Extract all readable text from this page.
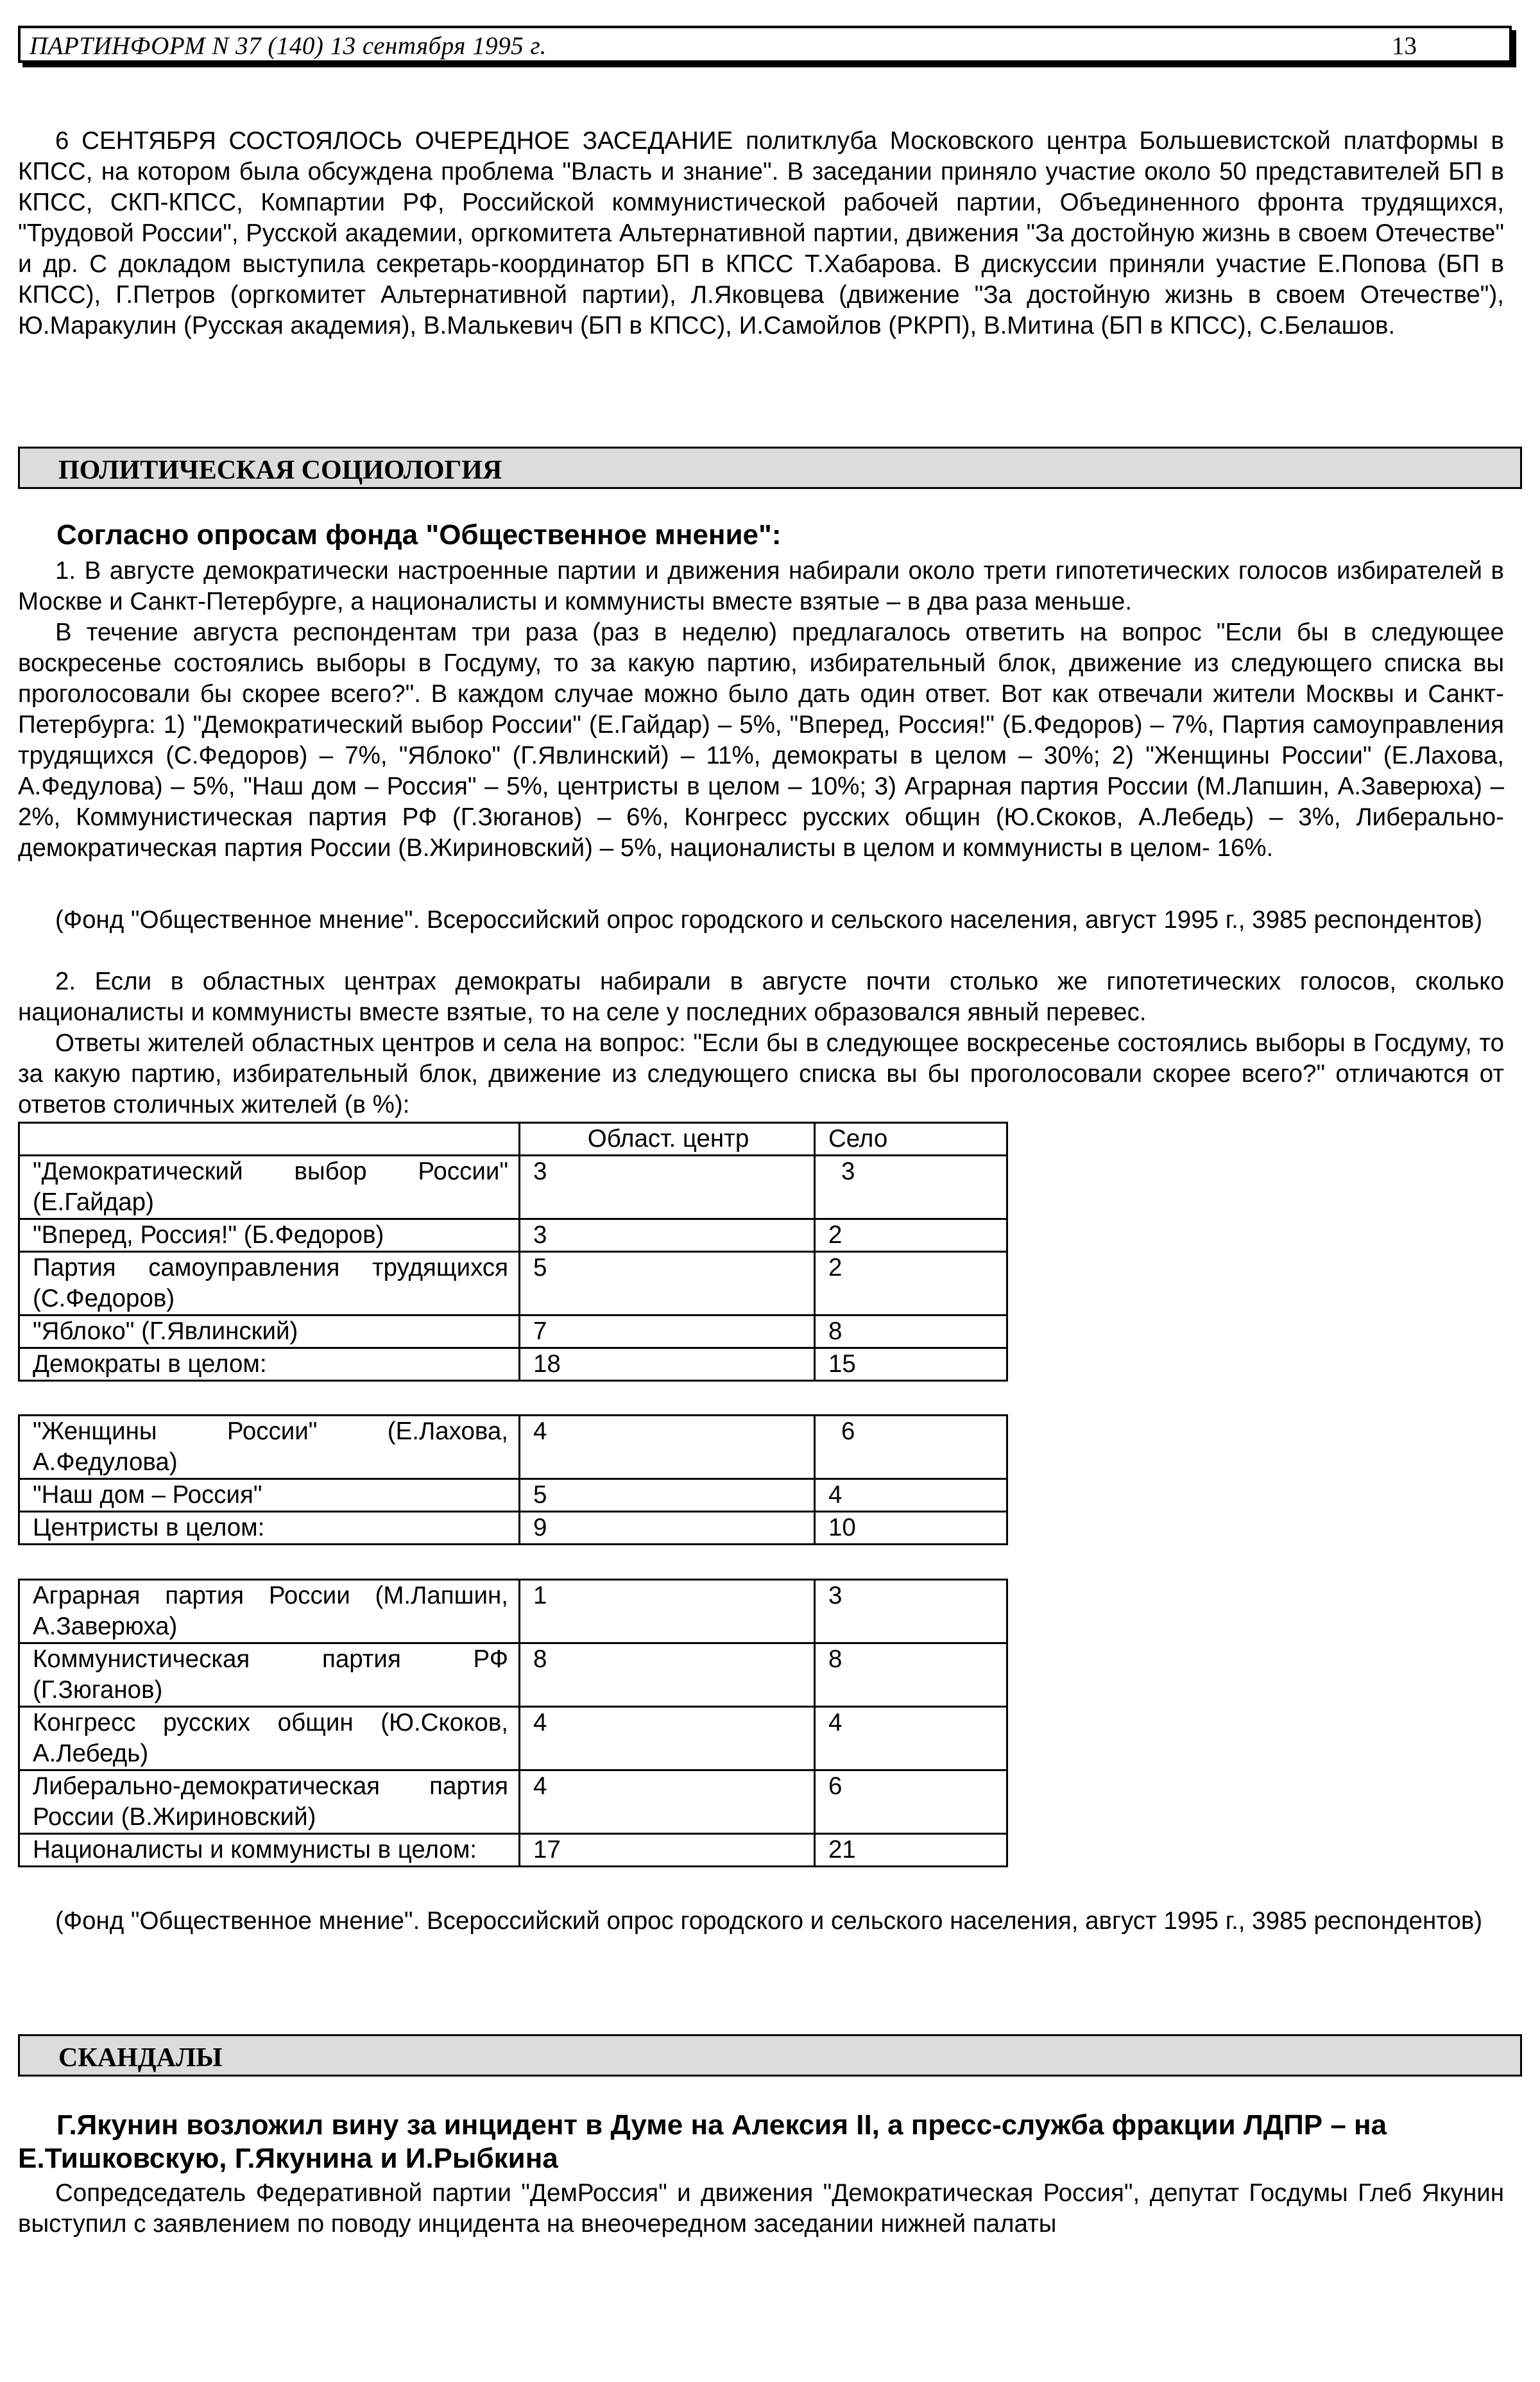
ПАРТИНФОРМ N 37 (140) 13 сентября 1995 г.	13

6 СЕНТЯБРЯ СОСТОЯЛОСЬ ОЧЕРЕДНОЕ ЗАСЕДАНИЕ политклуба Московского центра Большевистской платформы в КПСС, на котором была обсуждена проблема "Власть и знание". В заседании приняло участие около 50 представителей БП в КПСС, СКП-КПСС, Компартии РФ, Российской коммунистической рабочей партии, Объединенного фронта трудящихся, "Трудовой России", Русской академии, оргкомитета Альтернативной партии, движения "За достойную жизнь в своем Отечестве" и др. С докладом выступила секретарь-координатор БП в КПСС Т.Хабарова. В дискуссии приняли участие Е.Попова (БП в КПСС), Г.Петров (оргкомитет Альтернативной партии), Л.Яковцева (движение "За достойную жизнь в своем Отечестве"), Ю.Маракулин (Русская академия), В.Малькевич (БП в КПСС), И.Самойлов (РКРП), В.Митина (БП в КПСС), С.Белашов.

ПОЛИТИЧЕСКАЯ СОЦИОЛОГИЯ

Согласно опросам фонда "Общественное мнение":

1. В августе демократически настроенные партии и движения набирали около трети гипотетических голосов избирателей в Москве и Санкт-Петербурге, а националисты и коммунисты вместе взятые – в два раза меньше.

В течение августа респондентам три раза (раз в неделю) предлагалось ответить на вопрос "Если бы в следующее воскресенье состоялись выборы в Госдуму, то за какую партию, избирательный блок, движение из следующего списка вы проголосовали бы скорее всего?". В каждом случае можно было дать один ответ. Вот как отвечали жители Москвы и Санкт-Петербурга: 1) "Демократический выбор России" (Е.Гайдар) – 5%, "Вперед, Россия!" (Б.Федоров) – 7%, Партия самоуправления трудящихся (С.Федоров) – 7%, "Яблоко" (Г.Явлинский) – 11%, демократы в целом – 30%; 2) "Женщины России" (Е.Лахова, А.Федулова) – 5%, "Наш дом – Россия" – 5%, центристы в целом – 10%; 3) Аграрная партия России (М.Лапшин, А.Заверюха) – 2%, Коммунистическая партия РФ (Г.Зюганов) – 6%, Конгресс русских общин (Ю.Скоков, А.Лебедь) – 3%, Либерально-демократическая партия России (В.Жириновский) – 5%, националисты в целом и коммунисты в целом- 16%.

(Фонд "Общественное мнение". Всероссийский опрос городского и сельского населения, август 1995 г., 3985 респондентов)

2. Если в областных центрах демократы набирали в августе почти столько же гипотетических голосов, сколько националисты и коммунисты вместе взятые, то на селе у последних образовался явный перевес.

Ответы жителей областных центров и села на вопрос: "Если бы в следующее воскресенье состоялись выборы в Госдуму, то за какую партию, избирательный блок, движение из следующего списка вы бы проголосовали скорее всего?" отличаются от ответов столичных жителей (в %):

	Област. центр	Село
"Демократический выбор России" (Е.Гайдар)	3	3
"Вперед, Россия!" (Б.Федоров)	3	2
Партия самоуправления трудящихся (С.Федоров)	5	2
"Яблоко" (Г.Явлинский)	7	8
Демократы в целом:	18	15
"Женщины России" (Е.Лахова, А.Федулова)	4	6
"Наш дом – Россия"	5	4
Центристы в целом:	9	10
Аграрная партия России (М.Лапшин, А.Заверюха)	1	3
Коммунистическая партия РФ (Г.Зюганов)	8	8
Конгресс русских общин (Ю.Скоков, А.Лебедь)	4	4
Либерально-демократическая партия России (В.Жириновский)	4	6
Националисты и коммунисты в целом:	17	21

(Фонд "Общественное мнение". Всероссийский опрос городского и сельского населения, август 1995 г., 3985 респондентов)

СКАНДАЛЫ

Г.Якунин возложил вину за инцидент в Думе на Алексия II, а пресс-служба фракции ЛДПР – на Е.Тишковскую, Г.Якунина и И.Рыбкина

Сопредседатель Федеративной партии "ДемРоссия" и движения "Демократическая Россия", депутат Госдумы Глеб Якунин выступил с заявлением по поводу инцидента на внеочередном заседании нижней палаты
